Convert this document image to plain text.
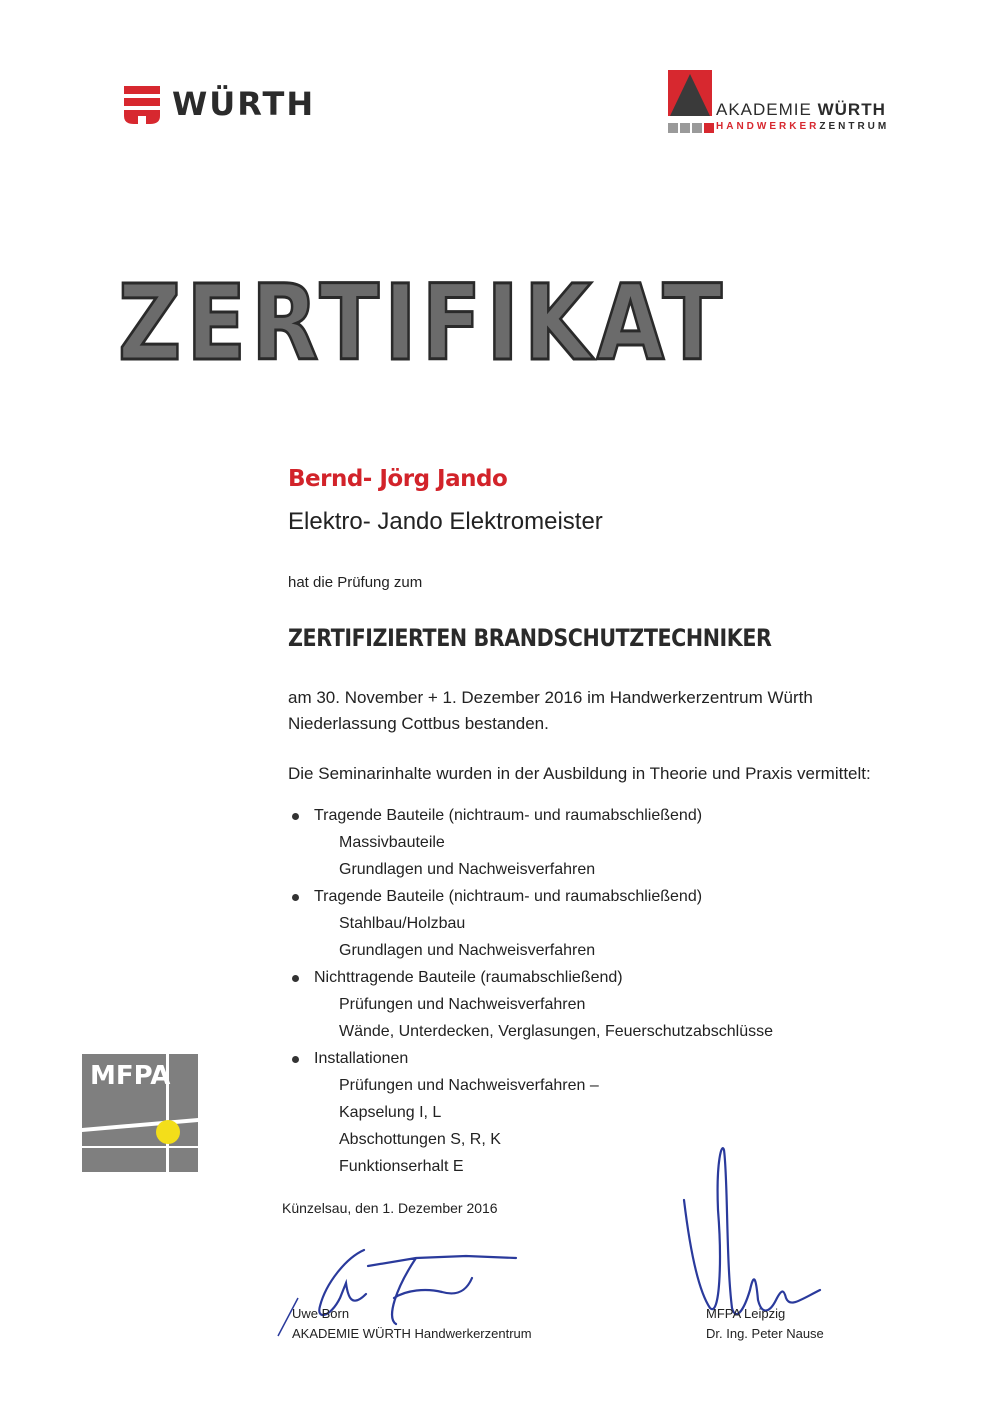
WÜRTH	AKADEMIE WÜRTH
HANDWERKERZENTRUM
ZERTIFIKAT
Bernd- Jörg Jando
Elektro- Jando Elektromeister
hat die Prüfung zum
ZERTIFIZIERTEN BRANDSCHUTZTECHNIKER
am 30. November + 1. Dezember 2016 im Handwerkerzentrum Würth
Niederlassung Cottbus bestanden.
Die Seminarinhalte wurden in der Ausbildung in Theorie und Praxis vermittelt:
Tragende Bauteile (nichtraum- und raumabschließend)
Massivbauteile
Grundlagen und Nachweisverfahren
Tragende Bauteile (nichtraum- und raumabschließend)
Stahlbau/Holzbau
Grundlagen und Nachweisverfahren
Nichttragende Bauteile (raumabschließend)
Prüfungen und Nachweisverfahren
Wände, Unterdecken, Verglasungen, Feuerschutzabschlüsse
Installationen
Prüfungen und Nachweisverfahren –
Kapselung I, L
Abschottungen S, R, K
Funktionserhalt E
MFPA
Künzelsau, den 1. Dezember 2016
Uwe Born
AKADEMIE WÜRTH Handwerkerzentrum
MFPA Leipzig
Dr. Ing. Peter Nause
